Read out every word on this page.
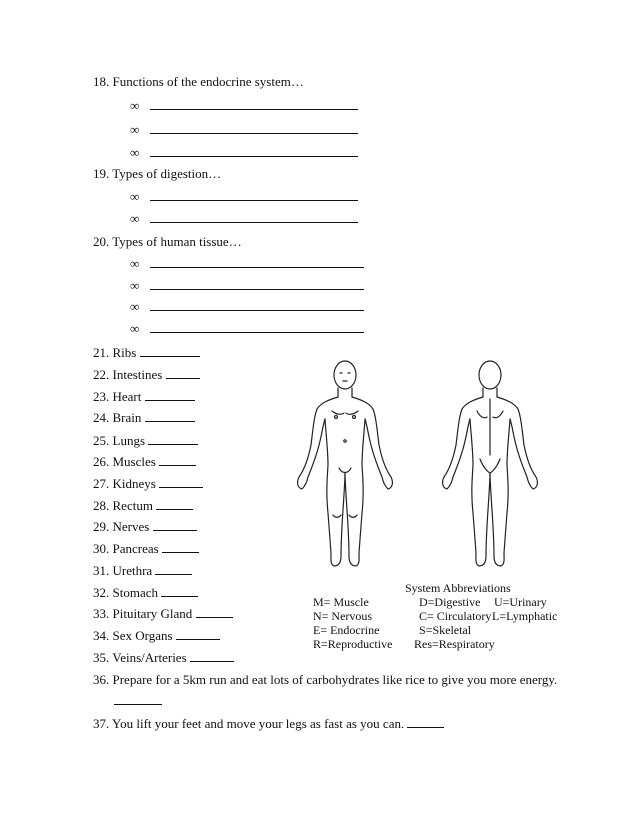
18. Functions of the endocrine system…
∞
∞
∞
19. Types of digestion…
∞
∞
20. Types of human tissue…
∞
∞
∞
∞
21. Ribs
22. Intestines
23. Heart
24. Brain
25. Lungs
26. Muscles
27. Kidneys
28. Rectum
29. Nerves
30. Pancreas
31. Urethra
32. Stomach
33. Pituitary Gland
34. Sex Organs
35. Veins/Arteries
36. Prepare for a 5km run and eat lots of carbohydrates like rice to give you more energy.
37. You lift your feet and move your legs as fast as you can.
System Abbreviations
M= Muscle	D=Digestive U=Urinary
N= Nervous	C= Circulatory L=Lymphatic
E= Endocrine	S=Skeletal
R=Reproductive Res=Respiratory
